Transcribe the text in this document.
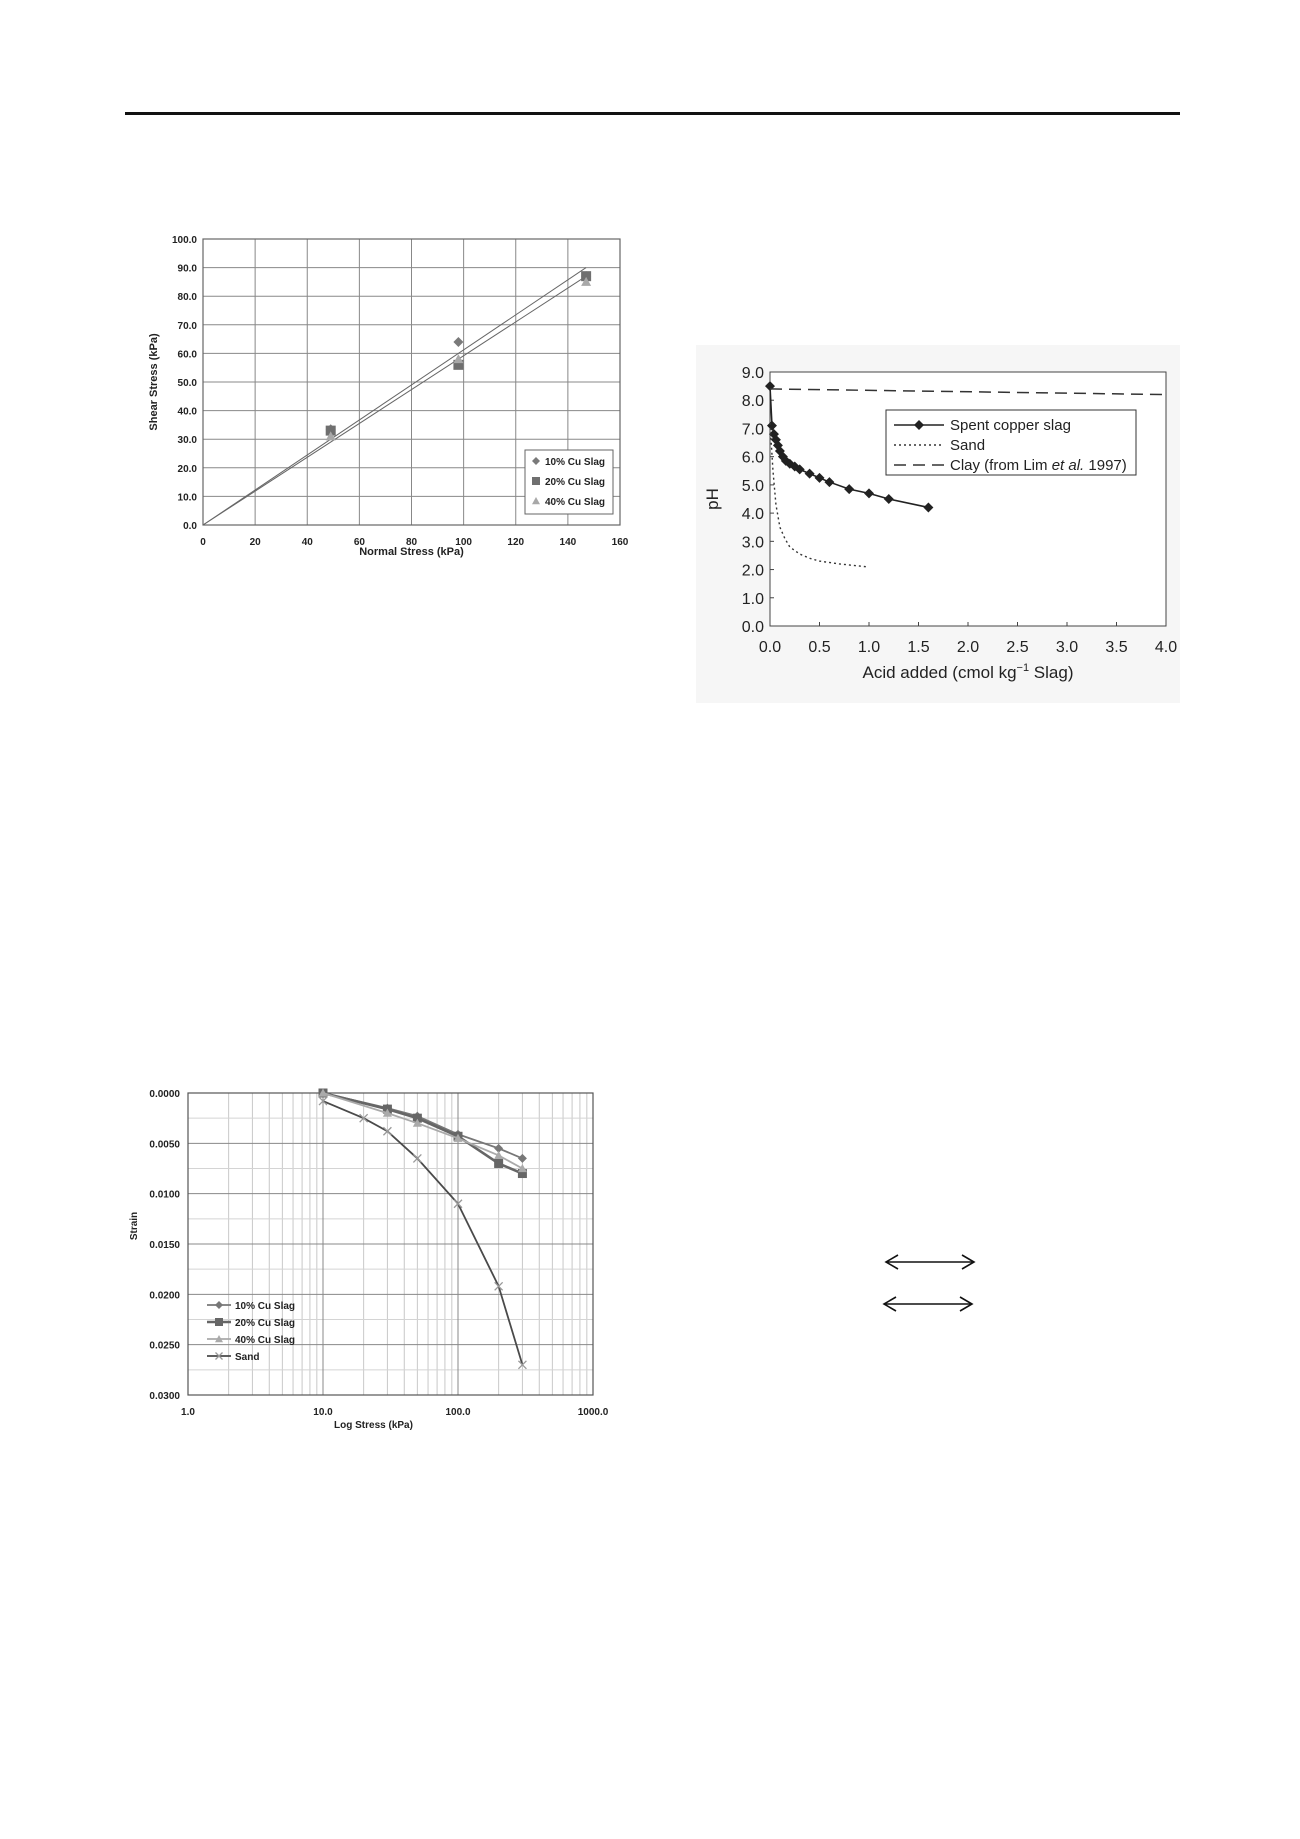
0.0
10.0
20.0
30.0
40.0
50.0
60.0
70.0
80.0
90.0
100.0
0	20	40	60	80	100	120	140	160
Normal Stress (kPa)
Shear Stress (kPa)
10% Cu Slag
20% Cu Slag
40% Cu Slag
0.0
1.0
2.0
3.0
4.0
5.0
6.0
7.0
8.0
9.0
0.0 0.5 1.0 1.5 2.0 2.5 3.0 3.5 4.0
Spent copper slag
Sand
Clay (from Lim et al. 1997)
Acid added (cmol $kg^{-1}$ Slag)
pH
0.0000
0.0050
0.0100
0.0150
0.0200
0.0250
0.0300
1.0	10.0	100.0	1000.0
10% Cu Slag
20% Cu Slag
40% Cu Slag
Sand
Log Stress (kPa)
Strain
